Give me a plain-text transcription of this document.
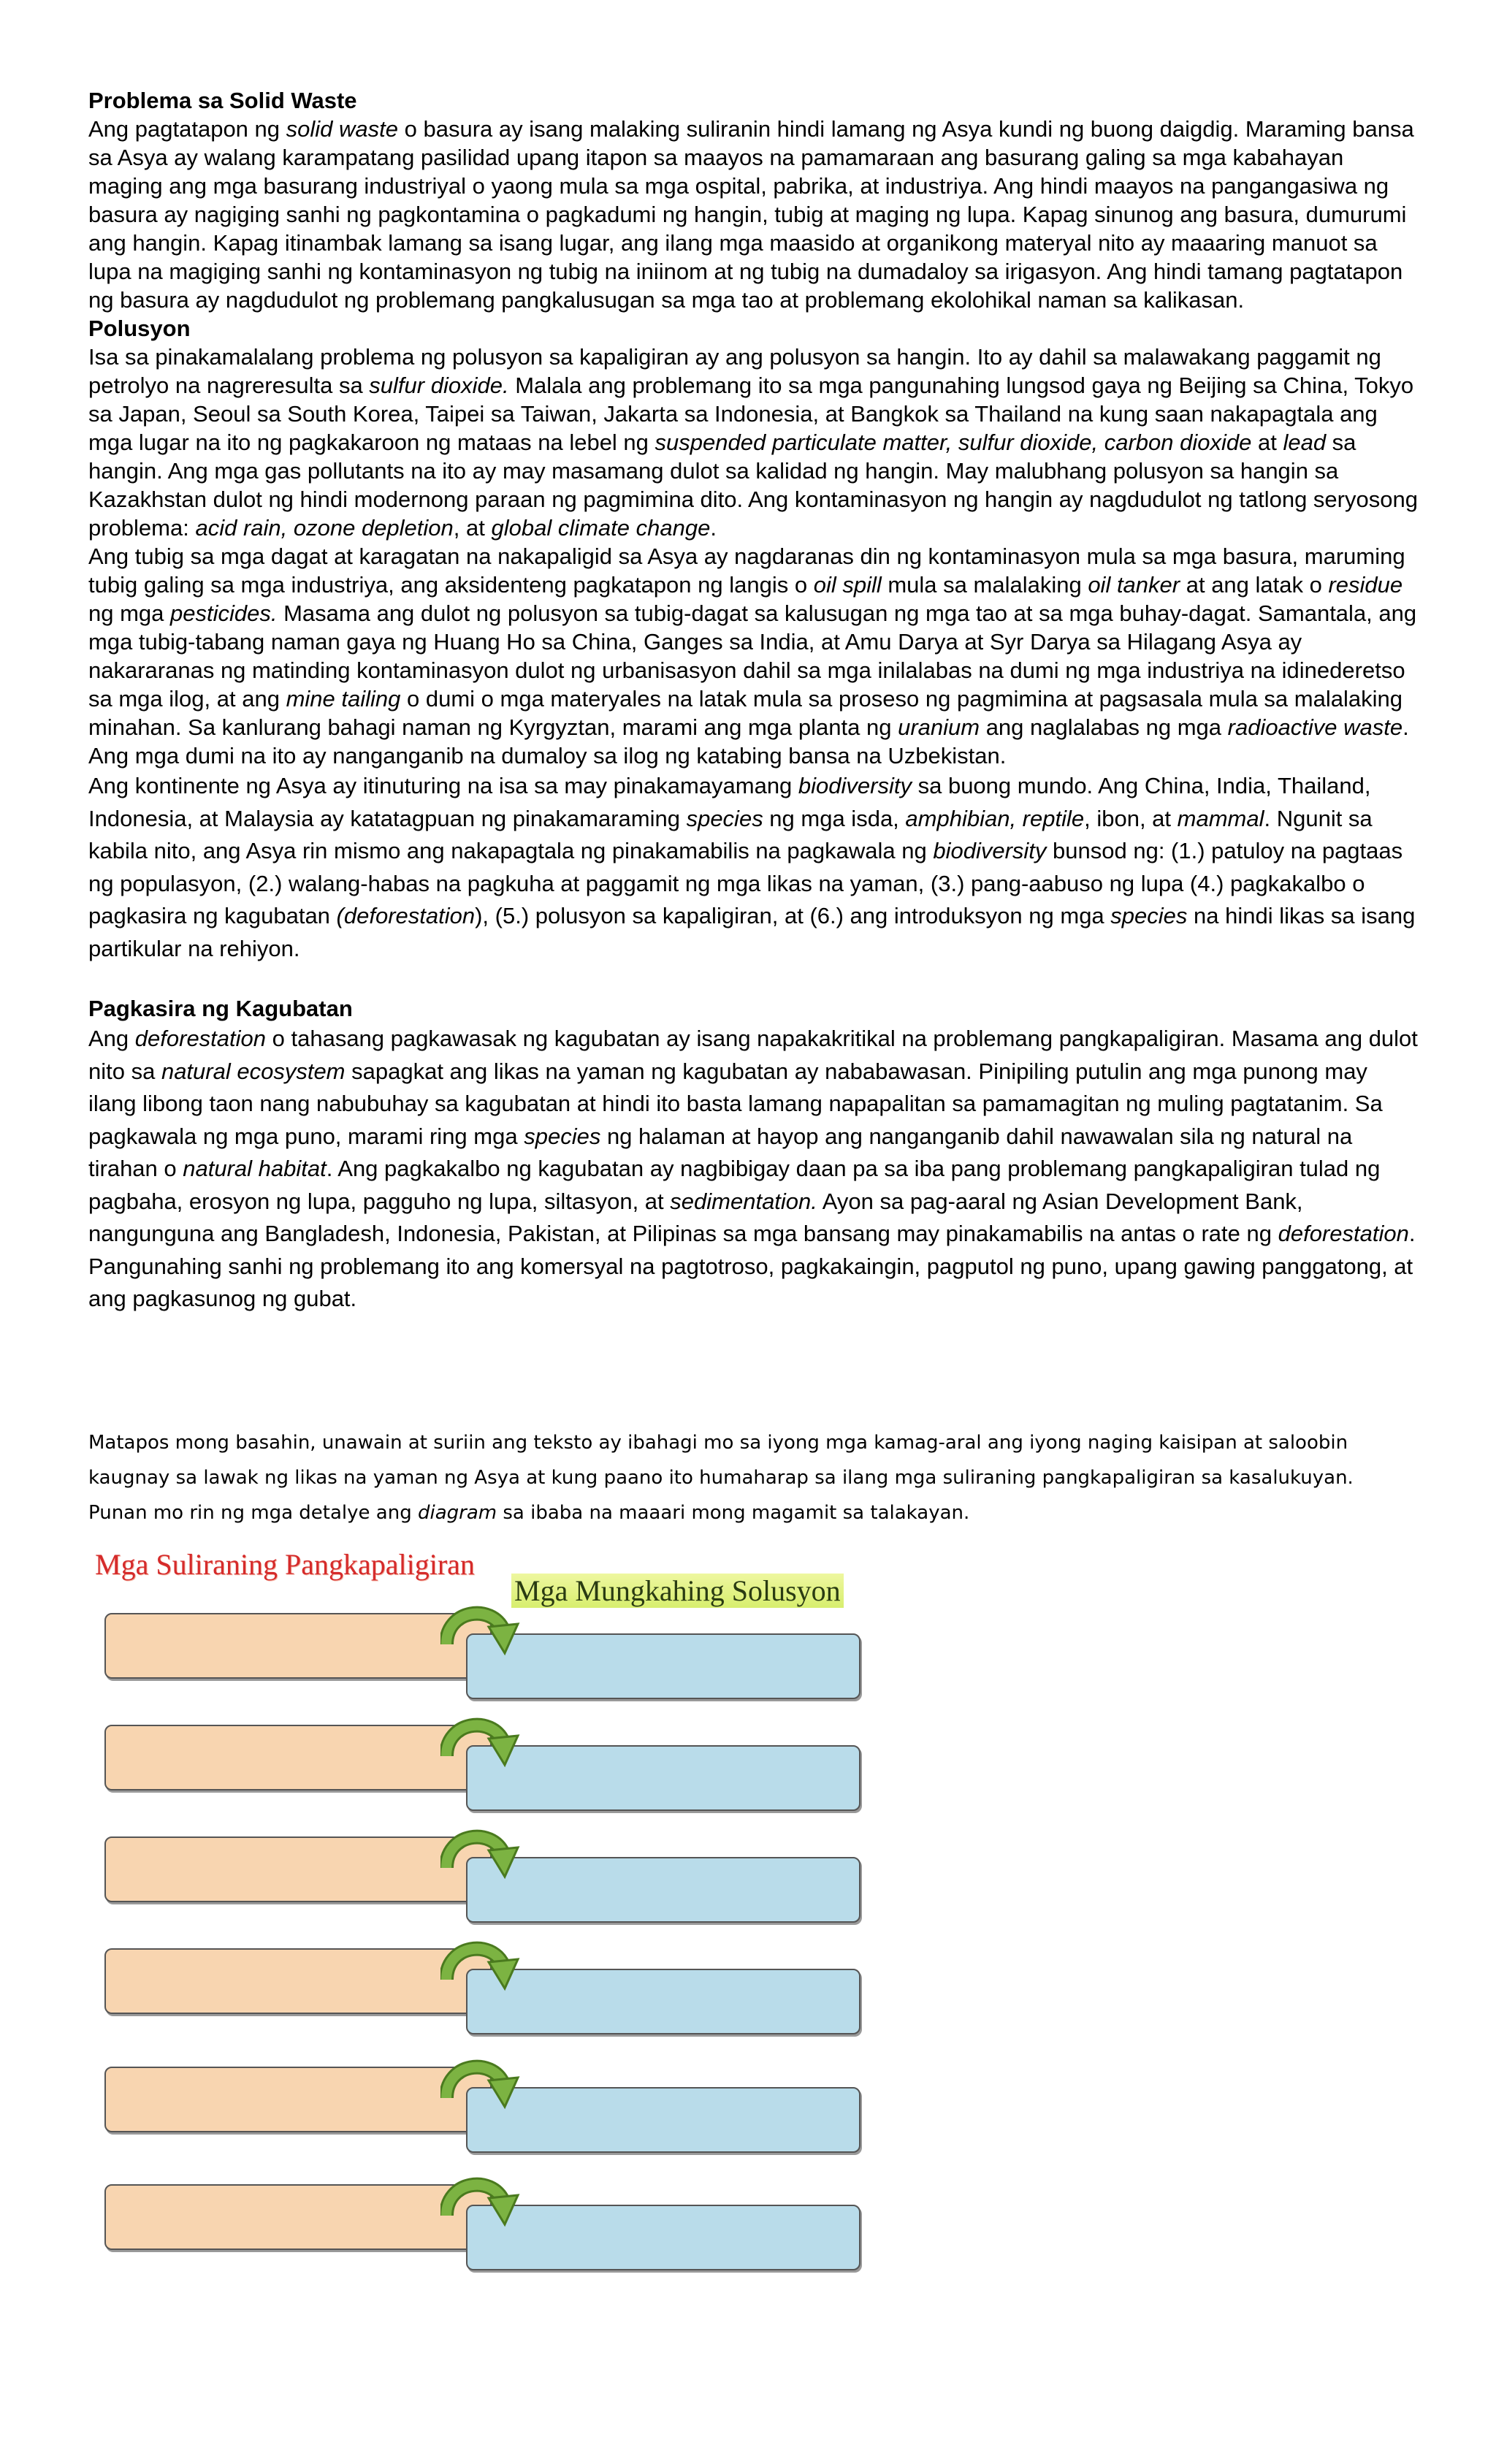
Problema sa Solid Waste

Ang pagtatapon ng solid waste o basura ay isang malaking suliranin hindi lamang ng Asya kundi ng buong daigdig. Maraming bansa sa Asya ay walang karampatang pasilidad upang itapon sa maayos na pamamaraan ang basurang galing sa mga kabahayan maging ang mga basurang industriyal o yaong mula sa mga ospital, pabrika, at industriya. Ang hindi maayos na pangangasiwa ng basura ay nagiging sanhi ng pagkontamina o pagkadumi ng hangin, tubig at maging ng lupa. Kapag sinunog ang basura, dumurumi ang hangin. Kapag itinambak lamang sa isang lugar, ang ilang mga maasido at organikong materyal nito ay maaaring manuot sa lupa na magiging sanhi ng kontaminasyon ng tubig na iniinom at ng tubig na dumadaloy sa irigasyon. Ang hindi tamang pagtatapon ng basura ay nagdudulot ng problemang pangkalusugan sa mga tao at problemang ekolohikal naman sa kalikasan.

Polusyon

Isa sa pinakamalalang problema ng polusyon sa kapaligiran ay ang polusyon sa hangin. Ito ay dahil sa malawakang paggamit ng petrolyo na nagreresulta sa sulfur dioxide. Malala ang problemang ito sa mga pangunahing lungsod gaya ng Beijing sa China, Tokyo sa Japan, Seoul sa South Korea, Taipei sa Taiwan, Jakarta sa Indonesia, at Bangkok sa Thailand na kung saan nakapagtala ang mga lugar na ito ng pagkakaroon ng mataas na lebel ng suspended particulate matter, sulfur dioxide, carbon dioxide at lead sa hangin. Ang mga gas pollutants na ito ay may masamang dulot sa kalidad ng hangin. May malubhang polusyon sa hangin sa Kazakhstan dulot ng hindi modernong paraan ng pagmimina dito. Ang kontaminasyon ng hangin ay nagdudulot ng tatlong seryosong problema: acid rain, ozone depletion, at global climate change.

Ang tubig sa mga dagat at karagatan na nakapaligid sa Asya ay nagdaranas din ng kontaminasyon mula sa mga basura, maruming tubig galing sa mga industriya, ang aksidenteng pagkatapon ng langis o oil spill mula sa malalaking oil tanker at ang latak o residue ng mga pesticides. Masama ang dulot ng polusyon sa tubig-dagat sa kalusugan ng mga tao at sa mga buhay-dagat. Samantala, ang mga tubig-tabang naman gaya ng Huang Ho sa China, Ganges sa India, at Amu Darya at Syr Darya sa Hilagang Asya ay nakararanas ng matinding kontaminasyon dulot ng urbanisasyon dahil sa mga inilalabas na dumi ng mga industriya na idinederetso sa mga ilog, at ang mine tailing o dumi o mga materyales na latak mula sa proseso ng pagmimina at pagsasala mula sa malalaking minahan. Sa kanlurang bahagi naman ng Kyrgyztan, marami ang mga planta ng uranium ang naglalabas ng mga radioactive waste. Ang mga dumi na ito ay nanganganib na dumaloy sa ilog ng katabing bansa na Uzbekistan.

Ang kontinente ng Asya ay itinuturing na isa sa may pinakamayamang biodiversity sa buong mundo. Ang China, India, Thailand, Indonesia, at Malaysia ay katatagpuan ng pinakamaraming species ng mga isda, amphibian, reptile, ibon, at mammal. Ngunit sa kabila nito, ang Asya rin mismo ang nakapagtala ng pinakamabilis na pagkawala ng biodiversity bunsod ng: (1.) patuloy na pagtaas ng populasyon, (2.) walang-habas na pagkuha at paggamit ng mga likas na yaman, (3.) pang-aabuso ng lupa (4.) pagkakalbo o pagkasira ng kagubatan (deforestation), (5.) polusyon sa kapaligiran, at (6.) ang introduksyon ng mga species na hindi likas sa isang partikular na rehiyon.

Pagkasira ng Kagubatan

Ang deforestation o tahasang pagkawasak ng kagubatan ay isang napakakritikal na problemang pangkapaligiran. Masama ang dulot nito sa natural ecosystem sapagkat ang likas na yaman ng kagubatan ay nababawasan. Pinipiling putulin ang mga punong may ilang libong taon nang nabubuhay sa kagubatan at hindi ito basta lamang napapalitan sa pamamagitan ng muling pagtatanim. Sa pagkawala ng mga puno, marami ring mga species ng halaman at hayop ang nanganganib dahil nawawalan sila ng natural na tirahan o natural habitat. Ang pagkakalbo ng kagubatan ay nagbibigay daan pa sa iba pang problemang pangkapaligiran tulad ng pagbaha, erosyon ng lupa, pagguho ng lupa, siltasyon, at sedimentation. Ayon sa pag-aaral ng Asian Development Bank, nangunguna ang Bangladesh, Indonesia, Pakistan, at Pilipinas sa mga bansang may pinakamabilis na antas o rate ng deforestation. Pangunahing sanhi ng problemang ito ang komersyal na pagtotroso, pagkakaingin, pagputol ng puno, upang gawing panggatong, at ang pagkasunog ng gubat.

Matapos mong basahin, unawain at suriin ang teksto ay ibahagi mo sa iyong mga kamag-aral ang iyong naging kaisipan at saloobin kaugnay sa lawak ng likas na yaman ng Asya at kung paano ito humaharap sa ilang mga suliraning pangkapaligiran sa kasalukuyan. Punan mo rin ng mga detalye ang diagram sa ibaba na maaari mong magamit sa talakayan.

Mga Suliraning Pangkapaligiran
Mga Mungkahing Solusyon
